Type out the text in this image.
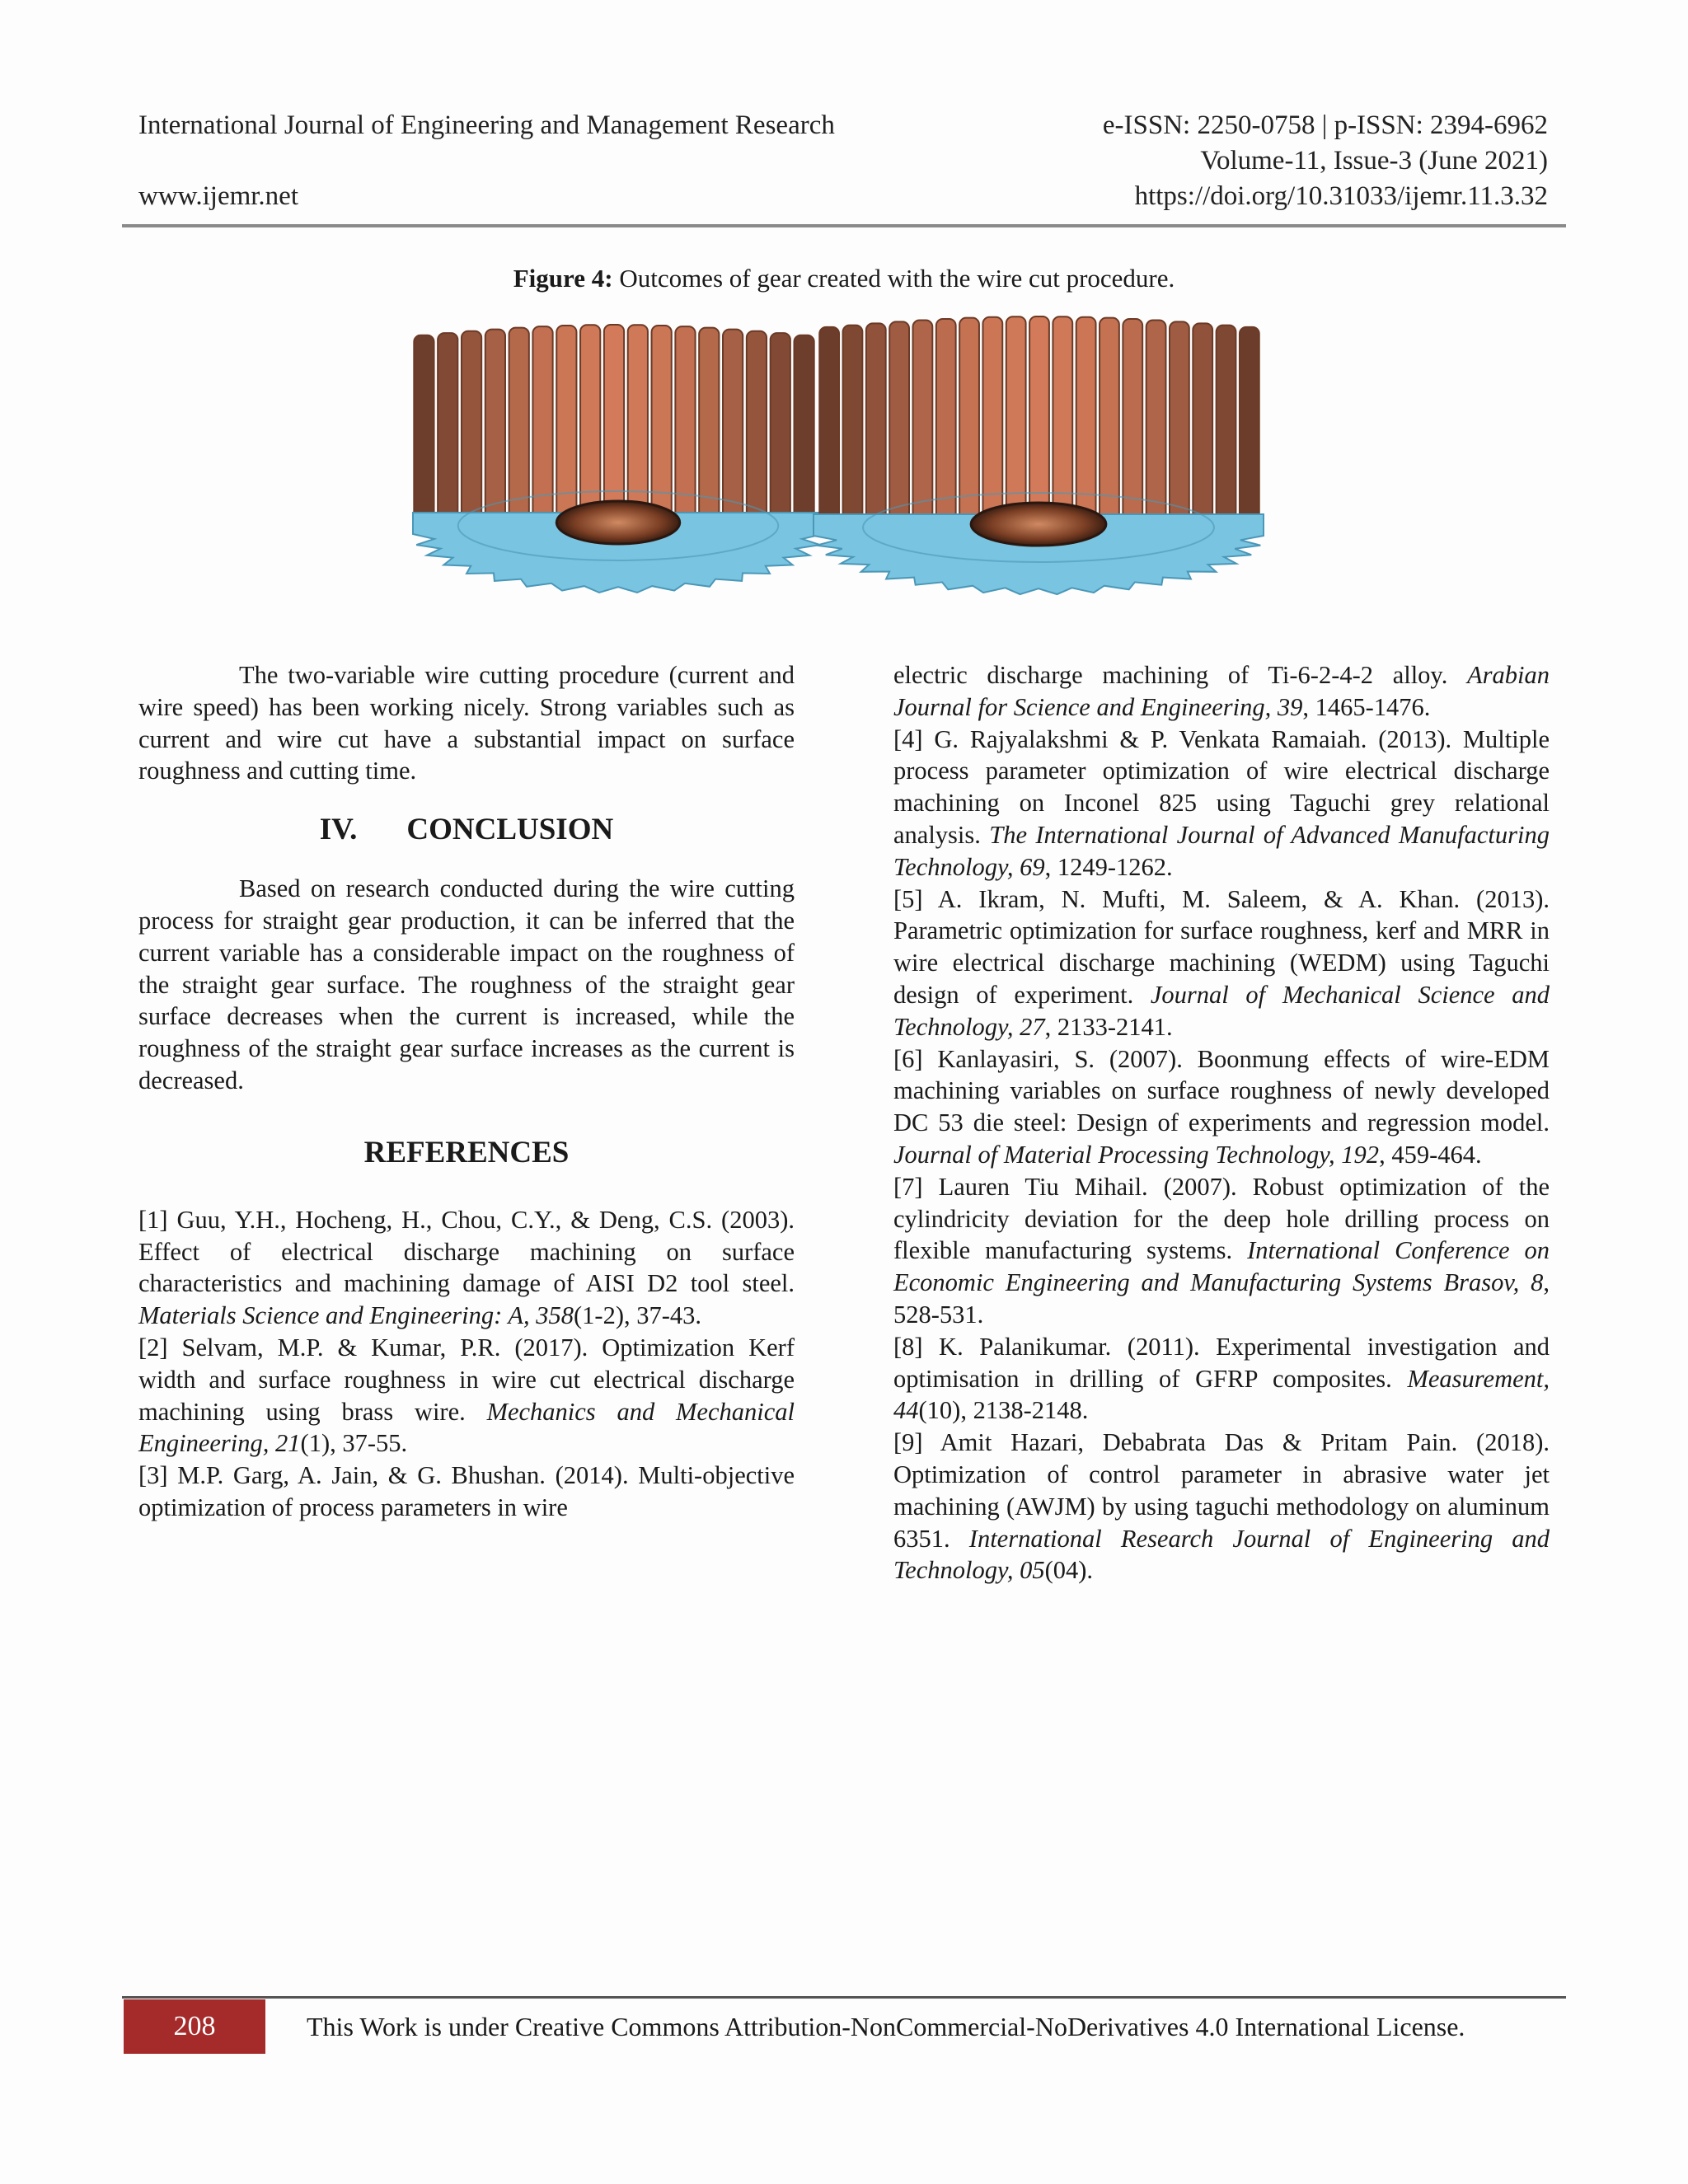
International Journal of Engineering and Management Research
www.ijemr.net
e-ISSN: 2250-0758 | p-ISSN: 2394-6962
Volume-11, Issue-3 (June 2021)
https://doi.org/10.31033/ijemr.11.3.32
Figure 4: Outcomes of gear created with the wire cut procedure.

The two-variable wire cutting procedure (current and wire speed) has been working nicely. Strong variables such as current and wire cut have a substantial impact on surface roughness and cutting time.

IV. CONCLUSION

Based on research conducted during the wire cutting process for straight gear production, it can be inferred that the current variable has a considerable impact on the roughness of the straight gear surface. The roughness of the straight gear surface decreases when the current is increased, while the roughness of the straight gear surface increases as the current is decreased.

REFERENCES

[1] Guu, Y.H., Hocheng, H., Chou, C.Y., & Deng, C.S. (2003). Effect of electrical discharge machining on surface characteristics and machining damage of AISI D2 tool steel. Materials Science and Engineering: A, 358(1-2), 37-43.

[2] Selvam, M.P. & Kumar, P.R. (2017). Optimization Kerf width and surface roughness in wire cut electrical discharge machining using brass wire. Mechanics and Mechanical Engineering, 21(1), 37-55.

[3] M.P. Garg, A. Jain, & G. Bhushan. (2014). Multi-objective optimization of process parameters in wire

electric discharge machining of Ti-6-2-4-2 alloy. Arabian Journal for Science and Engineering, 39, 1465-1476.

[4] G. Rajyalakshmi & P. Venkata Ramaiah. (2013). Multiple process parameter optimization of wire electrical discharge machining on Inconel 825 using Taguchi grey relational analysis. The International Journal of Advanced Manufacturing Technology, 69, 1249-1262.

[5] A. Ikram, N. Mufti, M. Saleem, & A. Khan. (2013). Parametric optimization for surface roughness, kerf and MRR in wire electrical discharge machining (WEDM) using Taguchi design of experiment. Journal of Mechanical Science and Technology, 27, 2133-2141.

[6] Kanlayasiri, S. (2007). Boonmung effects of wire-EDM machining variables on surface roughness of newly developed DC 53 die steel: Design of experiments and regression model. Journal of Material Processing Technology, 192, 459-464.

[7] Lauren Tiu Mihail. (2007). Robust optimization of the cylindricity deviation for the deep hole drilling process on flexible manufacturing systems. International Conference on Economic Engineering and Manufacturing Systems Brasov, 8, 528-531.

[8] K. Palanikumar. (2011). Experimental investigation and optimisation in drilling of GFRP composites. Measurement, 44(10), 2138-2148.

[9] Amit Hazari, Debabrata Das & Pritam Pain. (2018). Optimization of control parameter in abrasive water jet machining (AWJM) by using taguchi methodology on aluminum 6351. International Research Journal of Engineering and Technology, 05(04).

208	This Work is under Creative Commons Attribution-NonCommercial-NoDerivatives 4.0 International License.
